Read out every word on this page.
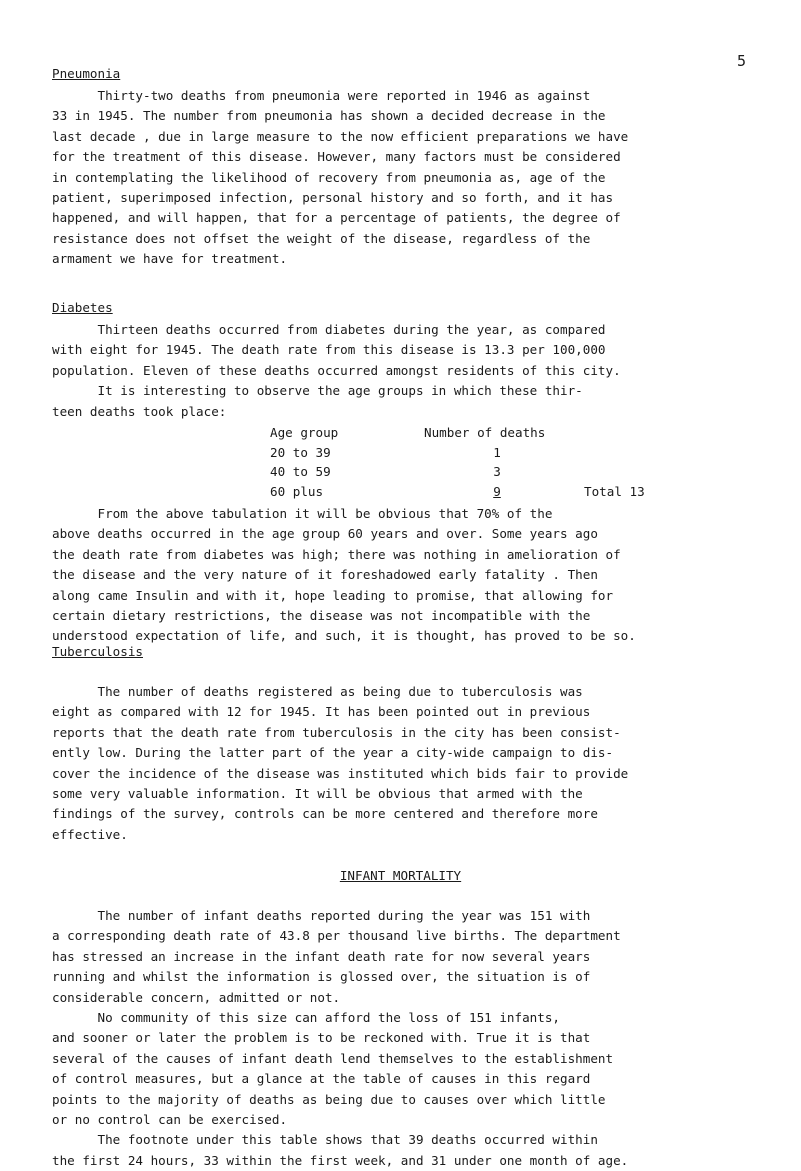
5
Pneumonia
Thirty-two deaths from pneumonia were reported in 1946 as against
33 in 1945. The number from pneumonia has shown a decided decrease in the
last decade , due in large measure to the now efficient preparations we have
for the treatment of this disease. However, many factors must be considered
in contemplating the likelihood of recovery from pneumonia as, age of the
patient, superimposed infection, personal history and so forth, and it has
happened, and will happen, that for a percentage of patients, the degree of
resistance does not offset the weight of the disease, regardless of the
armament we have for treatment.
Diabetes
Thirteen deaths occurred from diabetes during the year, as compared
with eight for 1945. The death rate from this disease is 13.3 per 100,000
population. Eleven of these deaths occurred amongst residents of this city.
It is interesting to observe the age groups in which these thir-
teen deaths took place:
Age group	Number of deaths	
20 to 39	1	
40 to 59	3	
60 plus	9	Total 13
From the above tabulation it will be obvious that 70% of the
above deaths occurred in the age group 60 years and over. Some years ago
the death rate from diabetes was high; there was nothing in amelioration of
the disease and the very nature of it foreshadowed early fatality . Then
along came Insulin and with it, hope leading to promise, that allowing for
certain dietary restrictions, the disease was not incompatible with the
understood expectation of life, and such, it is thought, has proved to be so.
Tuberculosis
The number of deaths registered as being due to tuberculosis was
eight as compared with 12 for 1945. It has been pointed out in previous
reports that the death rate from tuberculosis in the city has been consist-
ently low. During the latter part of the year a city-wide campaign to dis-
cover the incidence of the disease was instituted which bids fair to provide
some very valuable information. It will be obvious that armed with the
findings of the survey, controls can be more centered and therefore more
effective.
INFANT MORTALITY
The number of infant deaths reported during the year was 151 with
a corresponding death rate of 43.8 per thousand live births. The department
has stressed an increase in the infant death rate for now several years
running and whilst the information is glossed over, the situation is of
considerable concern, admitted or not.
No community of this size can afford the loss of 151 infants,
and sooner or later the problem is to be reckoned with. True it is that
several of the causes of infant death lend themselves to the establishment
of control measures, but a glance at the table of causes in this regard
points to the majority of deaths as being due to causes over which little
or no control can be exercised.
The footnote under this table shows that 39 deaths occurred within
the first 24 hours, 33 within the first week, and 31 under one month of age.
